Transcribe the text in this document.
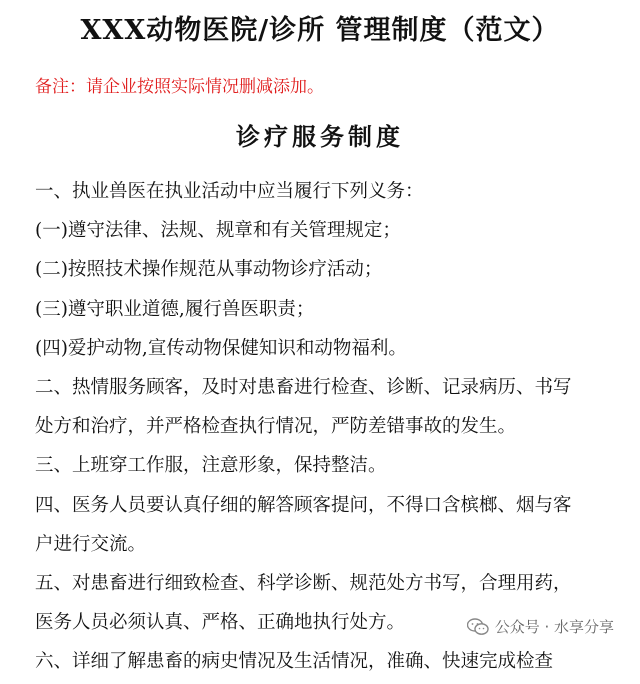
XXX动物医院/诊所 管理制度（范文）
备注：请企业按照实际情况删减添加。
诊疗服务制度
一、执业兽医在执业活动中应当履行下列义务：
(一)遵守法律、法规、规章和有关管理规定；
(二)按照技术操作规范从事动物诊疗活动；
(三)遵守职业道德,履行兽医职责；
(四)爱护动物,宣传动物保健知识和动物福利。
二、热情服务顾客，及时对患畜进行检查、诊断、记录病历、书写
处方和治疗，并严格检查执行情况，严防差错事故的发生。
三、上班穿工作服，注意形象，保持整洁。
四、医务人员要认真仔细的解答顾客提问，不得口含槟榔、烟与客
户进行交流。
五、对患畜进行细致检查、科学诊断、规范处方书写，合理用药，
医务人员必须认真、严格、正确地执行处方。
六、详细了解患畜的病史情况及生活情况，准确、快速完成检查
公众号 · 水享分享
